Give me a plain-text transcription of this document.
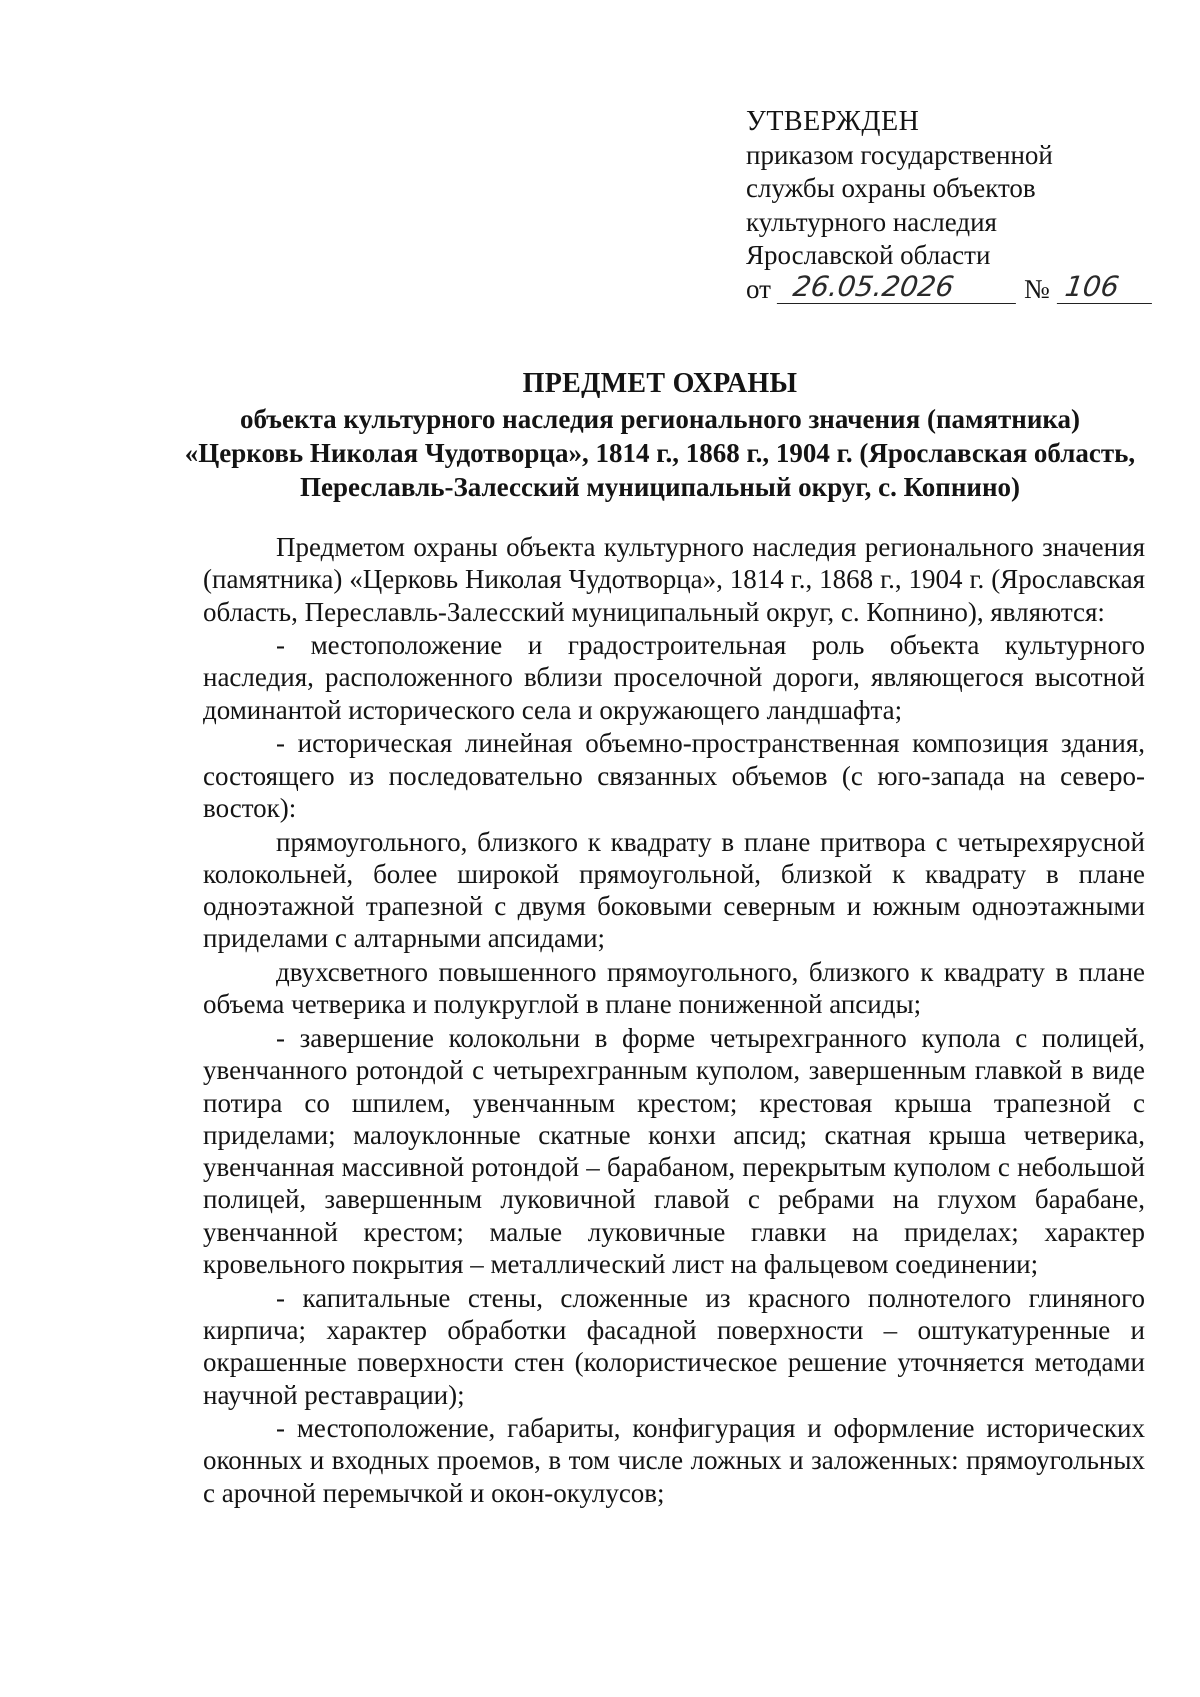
УТВЕРЖДЕН
приказом государственной
службы охраны объектов
культурного наследия
Ярославской области
от 26.05.2026	№ 106
ПРЕДМЕТ ОХРАНЫ
объекта культурного наследия регионального значения (памятника) «Церковь Николая Чудотворца», 1814 г., 1868 г., 1904 г. (Ярославская область, Переславль-Залесский муниципальный округ, с. Копнино)

Предметом охраны объекта культурного наследия регионального значения (памятника) «Церковь Николая Чудотворца», 1814 г., 1868 г., 1904 г. (Ярославская область, Переславль-Залесский муниципальный округ, с. Копнино), являются:

- местоположение и градостроительная роль объекта культурного наследия, расположенного вблизи проселочной дороги, являющегося высотной доминантой исторического села и окружающего ландшафта;

- историческая линейная объемно-пространственная композиция здания, состоящего из последовательно связанных объемов (с юго-запада на северо-восток):

прямоугольного, близкого к квадрату в плане притвора с четырехярусной колокольней, более широкой прямоугольной, близкой к квадрату в плане одноэтажной трапезной с двумя боковыми северным и южным одноэтажными приделами с алтарными апсидами;

двухсветного повышенного прямоугольного, близкого к квадрату в плане объема четверика и полукруглой в плане пониженной апсиды;

- завершение колокольни в форме четырехгранного купола с полицей, увенчанного ротондой с четырехгранным куполом, завершенным главкой в виде потира со шпилем, увенчанным крестом; крестовая крыша трапезной с приделами; малоуклонные скатные конхи апсид; скатная крыша четверика, увенчанная массивной ротондой – барабаном, перекрытым куполом с небольшой полицей, завершенным луковичной главой с ребрами на глухом барабане, увенчанной крестом; малые луковичные главки на приделах; характер кровельного покрытия – металлический лист на фальцевом соединении;

- капитальные стены, сложенные из красного полнотелого глиняного кирпича; характер обработки фасадной поверхности – оштукатуренные и окрашенные поверхности стен (колористическое решение уточняется методами научной реставрации);

- местоположение, габариты, конфигурация и оформление исторических оконных и входных проемов, в том числе ложных и заложенных: прямоугольных с арочной перемычкой и окон-окулусов;
